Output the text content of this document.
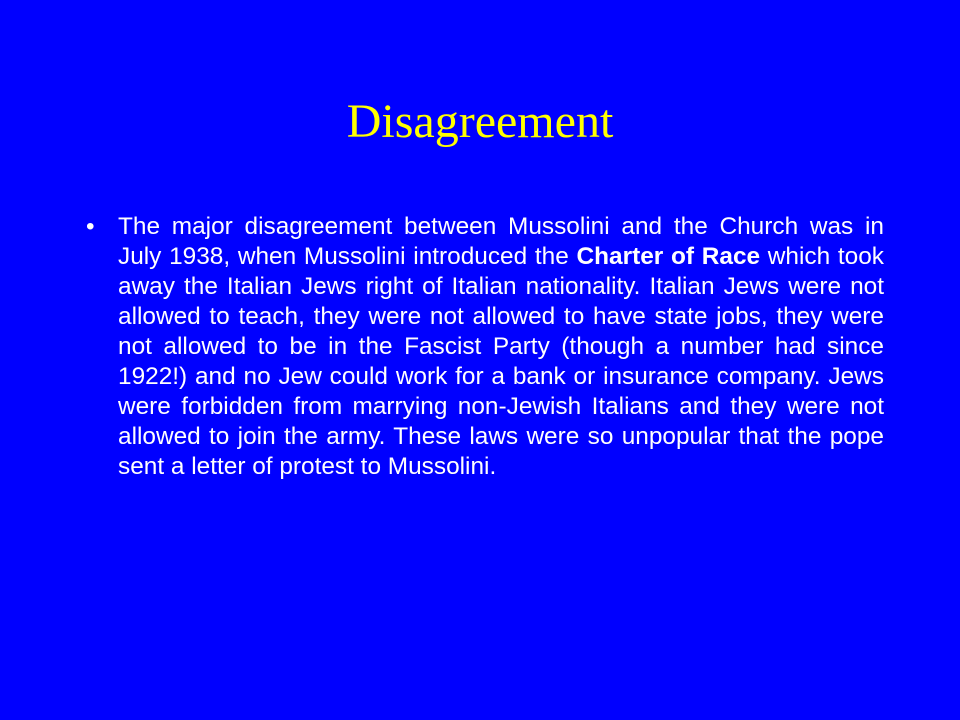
Disagreement
• The major disagreement between Mussolini and the Church was in July 1938, when Mussolini introduced the Charter of Race which took away the Italian Jews right of Italian nationality. Italian Jews were not allowed to teach, they were not allowed to have state jobs, they were not allowed to be in the Fascist Party (though a number had since 1922!) and no Jew could work for a bank or insurance company. Jews were forbidden from marrying non-Jewish Italians and they were not allowed to join the army. These laws were so unpopular that the pope sent a letter of protest to Mussolini.
